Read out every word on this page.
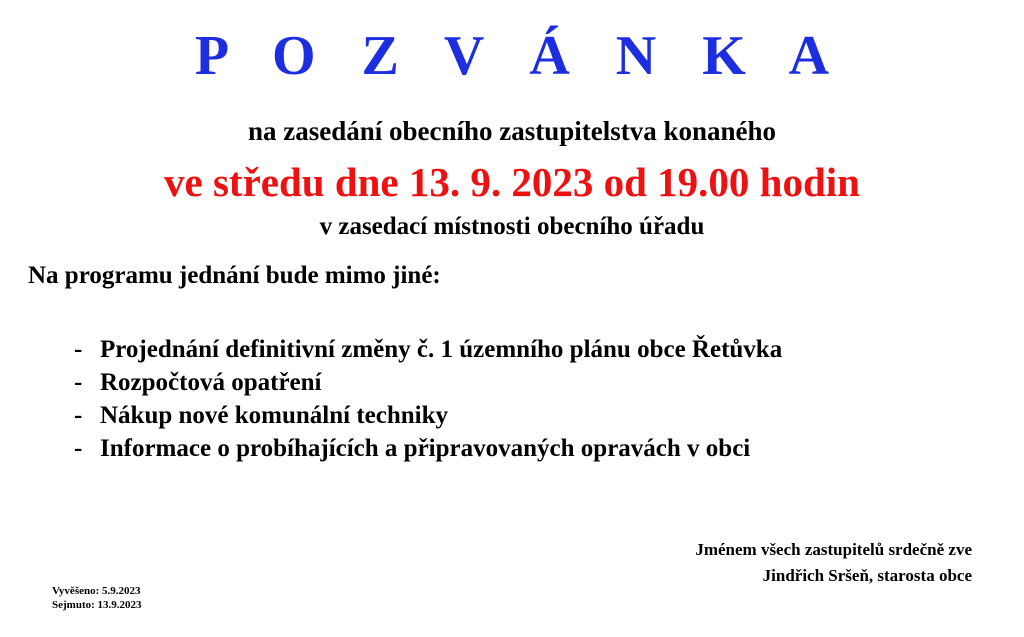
P O Z V Á N K A
na zasedání obecního zastupitelstva konaného
ve středu dne 13. 9. 2023 od 19.00 hodin
v zasedací místnosti obecního úřadu
Na programu jednání bude mimo jiné:
- Projednání definitivní změny č. 1 územního plánu obce Řetůvka
- Rozpočtová opatření
- Nákup nové komunální techniky
- Informace o probíhajících a připravovaných opravách v obci
Jménem všech zastupitelů srdečně zve
Jindřich Sršeň, starosta obce
Vyvěšeno: 5.9.2023
Sejmuto: 13.9.2023
